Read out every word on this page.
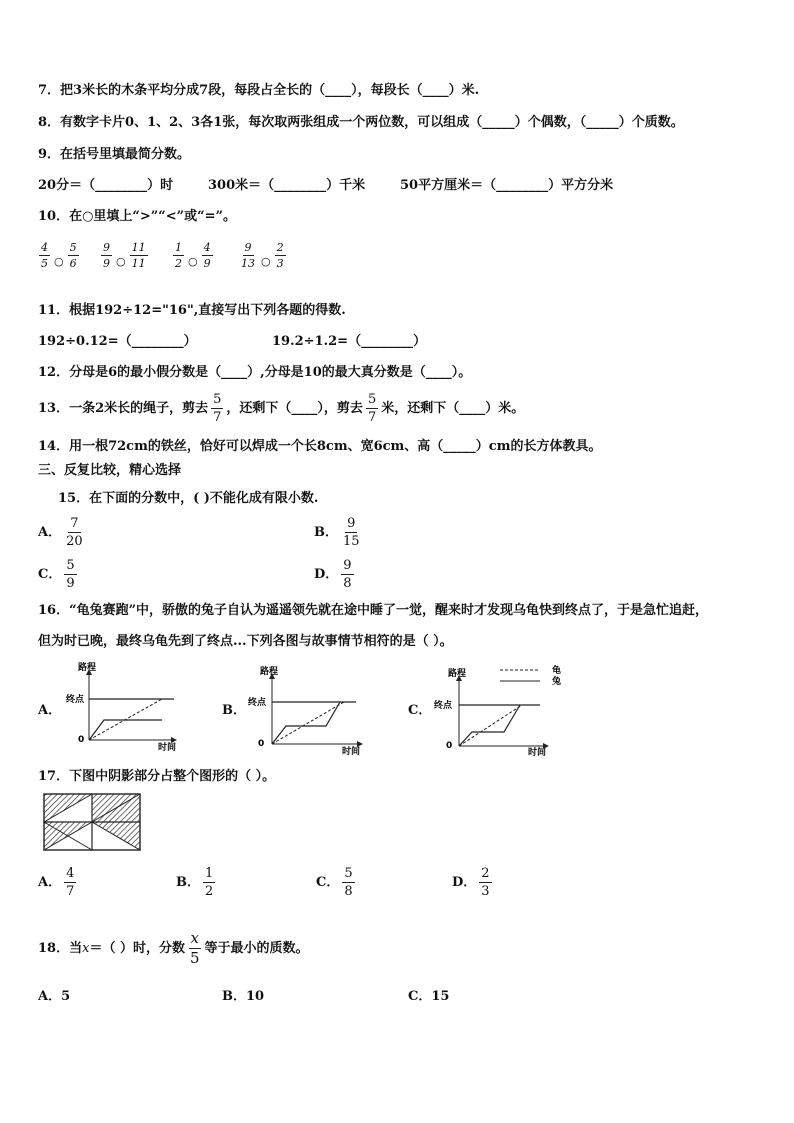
7．把3米长的木条平均分成7段，每段占全长的（____），每段长（____）米.
8．有数字卡片0、1、2、3各1张，每次取两张组成一个两位数，可以组成（_____）个偶数，（_____）个质数。
9．在括号里填最简分数。
20分＝（________）时	300米＝（________）千米	50平方厘米＝（________）平方分米
10．在○里填上“>”“<”或“=”。
$\frac{4}{5} _○ \frac{5}{6} \frac{9}{9} _○ \frac{11}{11} \frac{1}{2} _○ \frac{4}{9} \frac{9}{13} _○ \frac{2}{3}$
11．根据192÷12="16",直接写出下列各题的得数.
192÷0.12=（________）	19.2÷1.2=（________）
12．分母是6的最小假分数是（____）,分母是10的最大真分数是（____）。
13．一条2米长的绳子，剪去 $\frac{5}{7}$ ，还剩下（____），剪去 $\frac{5}{7}$ 米，还剩下（____）米。
14．用一根72cm的铁丝，恰好可以焊成一个长8cm、宽6cm、高（_____）cm的长方体教具。
三、反复比较，精心选择
15．在下面的分数中，( )不能化成有限小数.
A． $\frac{7}{20}$	B． $\frac{9}{15}$
C． $\frac{5}{9}$	D． $\frac{9}{8}$
16．“龟兔赛跑”中，骄傲的兔子自认为遥遥领先就在途中睡了一觉，醒来时才发现乌龟快到终点了，于是急忙追赶，
但为时已晚，最终乌龟先到了终点...下列各图与故事情节相符的是（ ）。
A．
路程
终点
0
时间
B．
路程
终点
0
时间
C．
路程
终点
0
时间
龟
兔
17．下图中阴影部分占整个图形的（ ）。
A． $\frac{4}{7}$	B． $\frac{1}{2}$	C． $\frac{5}{8}$	D． $\frac{2}{3}$
18．当x＝（ ）时，分数 $\frac{x}{5}$ 等于最小的质数。
A．5	B．10	C．15
